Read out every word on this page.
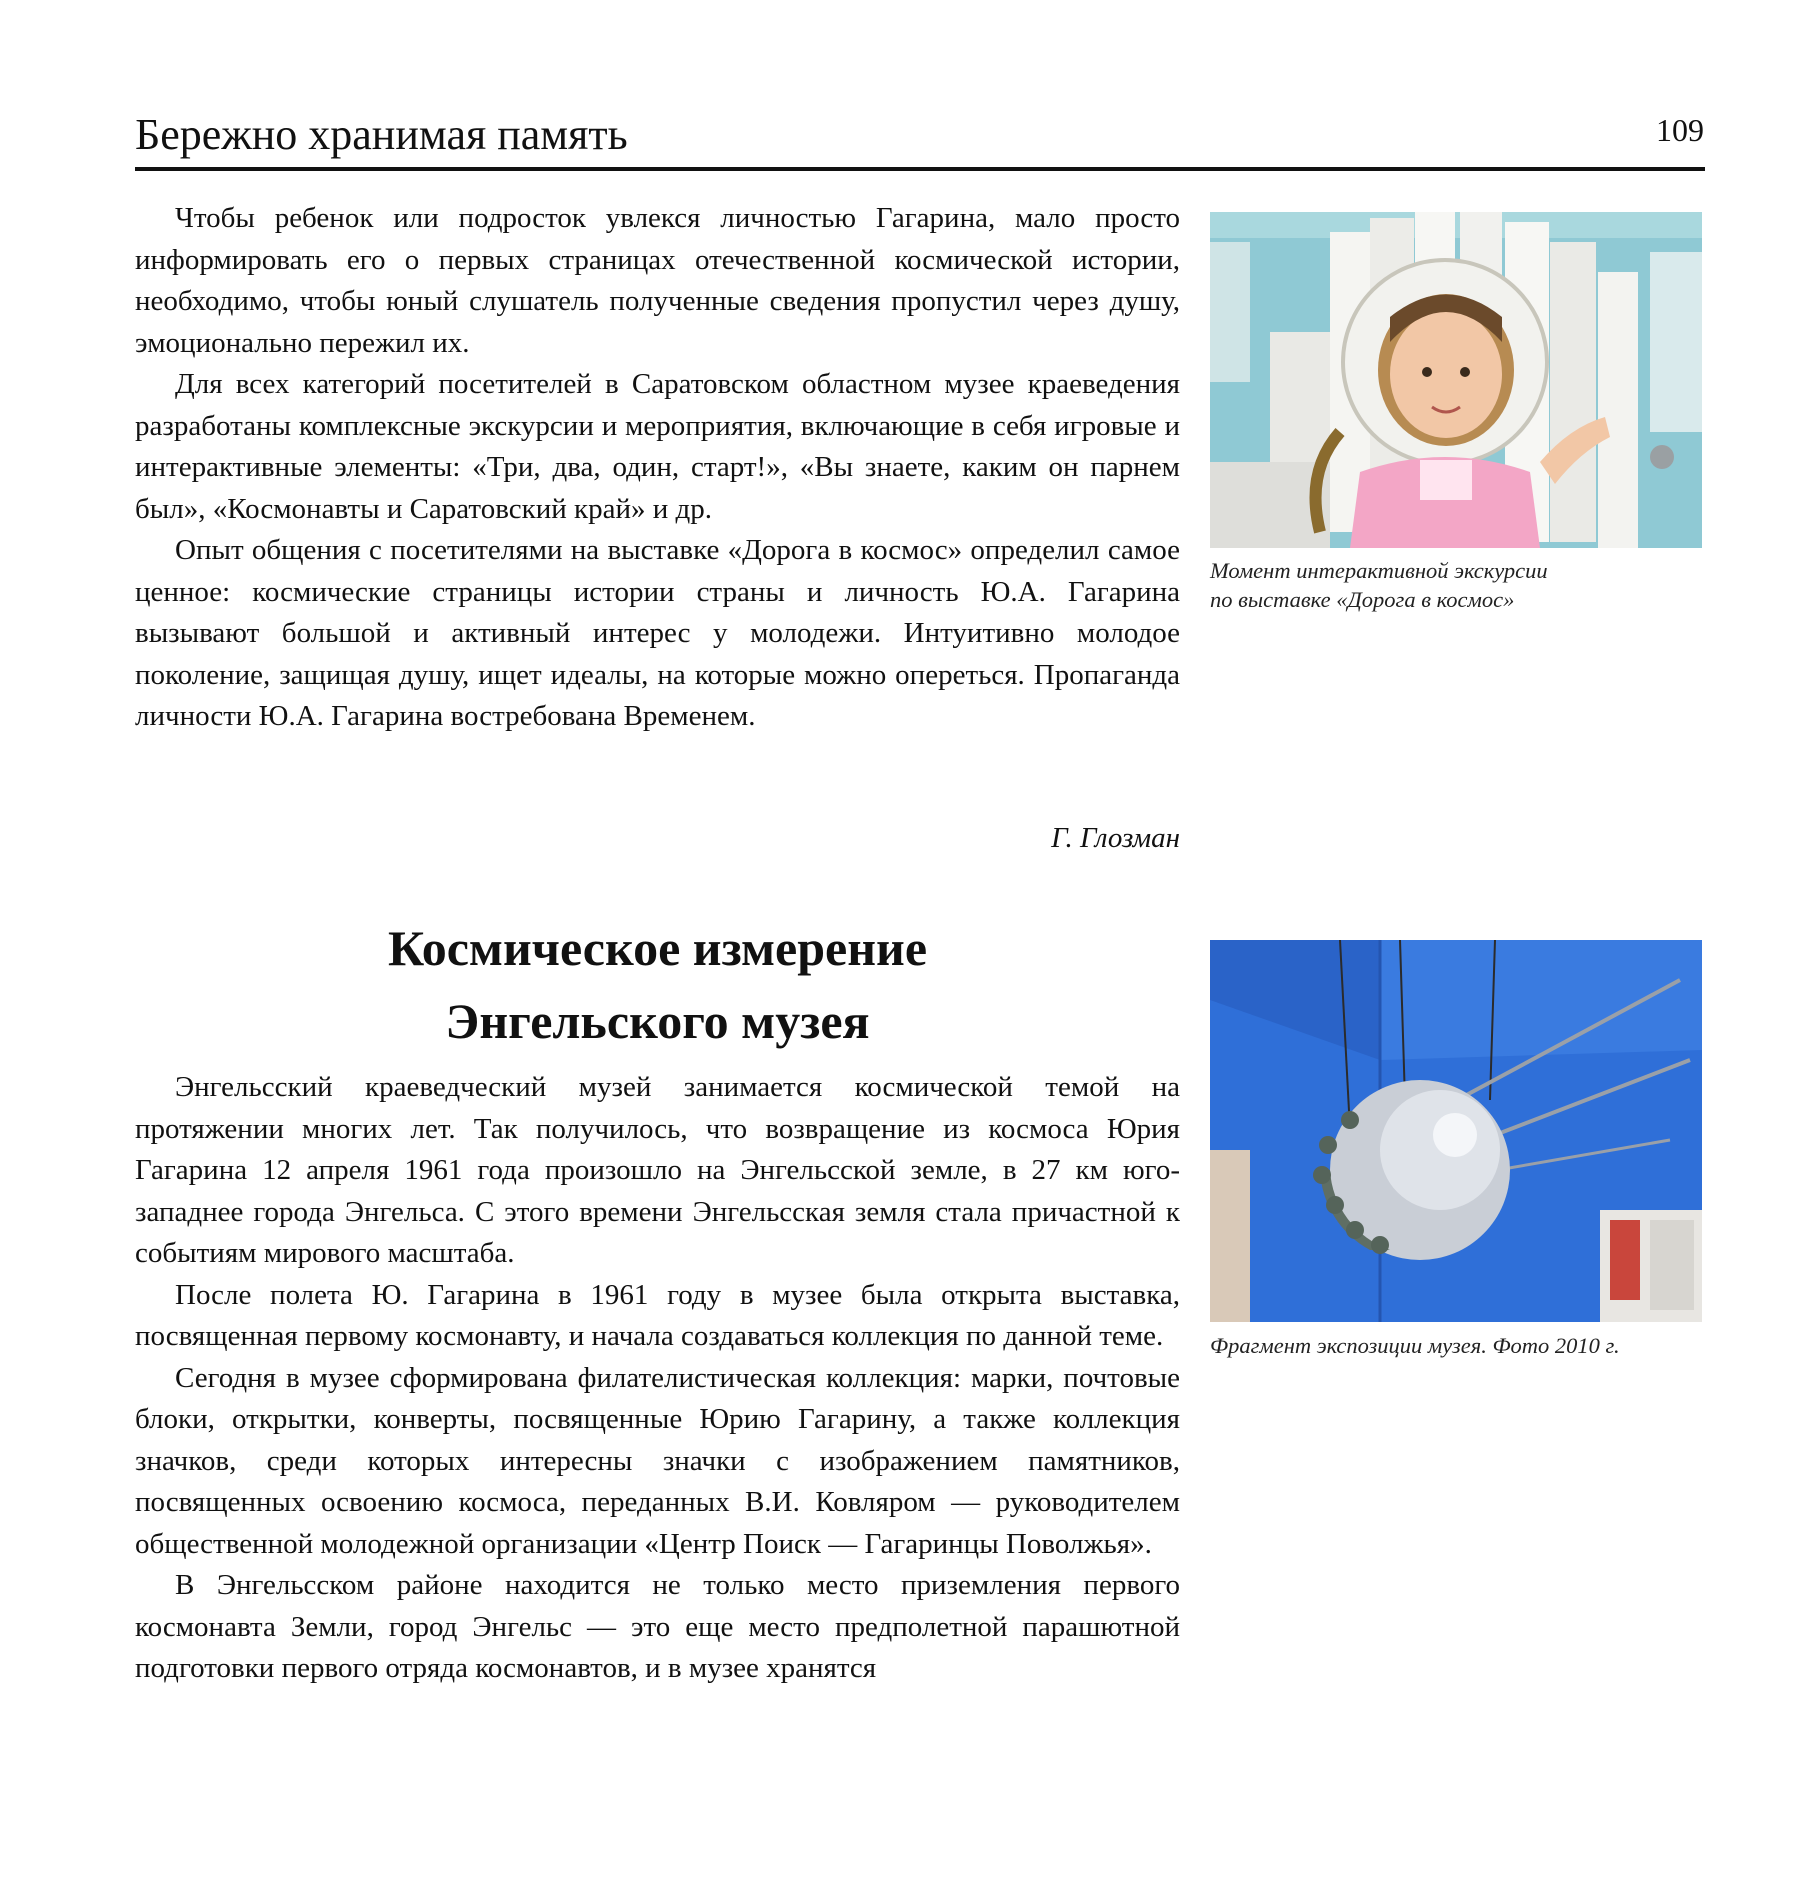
Бережно хранимая память	109

Чтобы ребенок или подросток увлекся личностью Гагарина, мало просто информировать его о первых страницах отечественной космической истории, необходимо, чтобы юный слушатель полученные сведения пропустил через душу, эмоционально пережил их.

Для всех категорий посетителей в Саратовском областном музее краеведения разработаны комплексные экскурсии и мероприятия, включающие в себя игровые и интерактивные элементы: «Три, два, один, старт!», «Вы знаете, каким он парнем был», «Космонавты и Саратовский край» и др.

Опыт общения с посетителями на выставке «Дорога в космос» определил самое ценное: космические страницы истории страны и личность Ю.А. Гагарина вызывают большой и активный интерес у молодежи. Интуитивно молодое поколение, защищая душу, ищет идеалы, на которые можно опереться. Пропаганда личности Ю.А. Гагарина востребована Временем.

Г. Глозман
Космическое измерение
Энгельского музея

Энгельсский краеведческий музей занимается космической темой на протяжении многих лет. Так получилось, что возвращение из космоса Юрия Гагарина 12 апреля 1961 года произошло на Энгельсской земле, в 27 км юго-западнее города Энгельса. С этого времени Энгельсская земля стала причастной к событиям мирового масштаба.

После полета Ю. Гагарина в 1961 году в музее была открыта выставка, посвященная первому космонавту, и начала создаваться коллекция по данной теме.

Сегодня в музее сформирована филателистическая коллекция: марки, почтовые блоки, открытки, конверты, посвященные Юрию Гагарину, а также коллекция значков, среди которых интересны значки с изображением памятников, посвященных освоению космоса, переданных В.И. Ковляром — руководителем общественной молодежной организации «Центр Поиск — Гагаринцы Поволжья».

В Энгельсском районе находится не только место приземления первого космонавта Земли, город Энгельс — это еще место предполетной парашютной подготовки первого отряда космонавтов, и в музее хранятся

Момент интерактивной экскурсии
по выставке «Дорога в космос»
Фрагмент экспозиции музея. Фото 2010 г.
